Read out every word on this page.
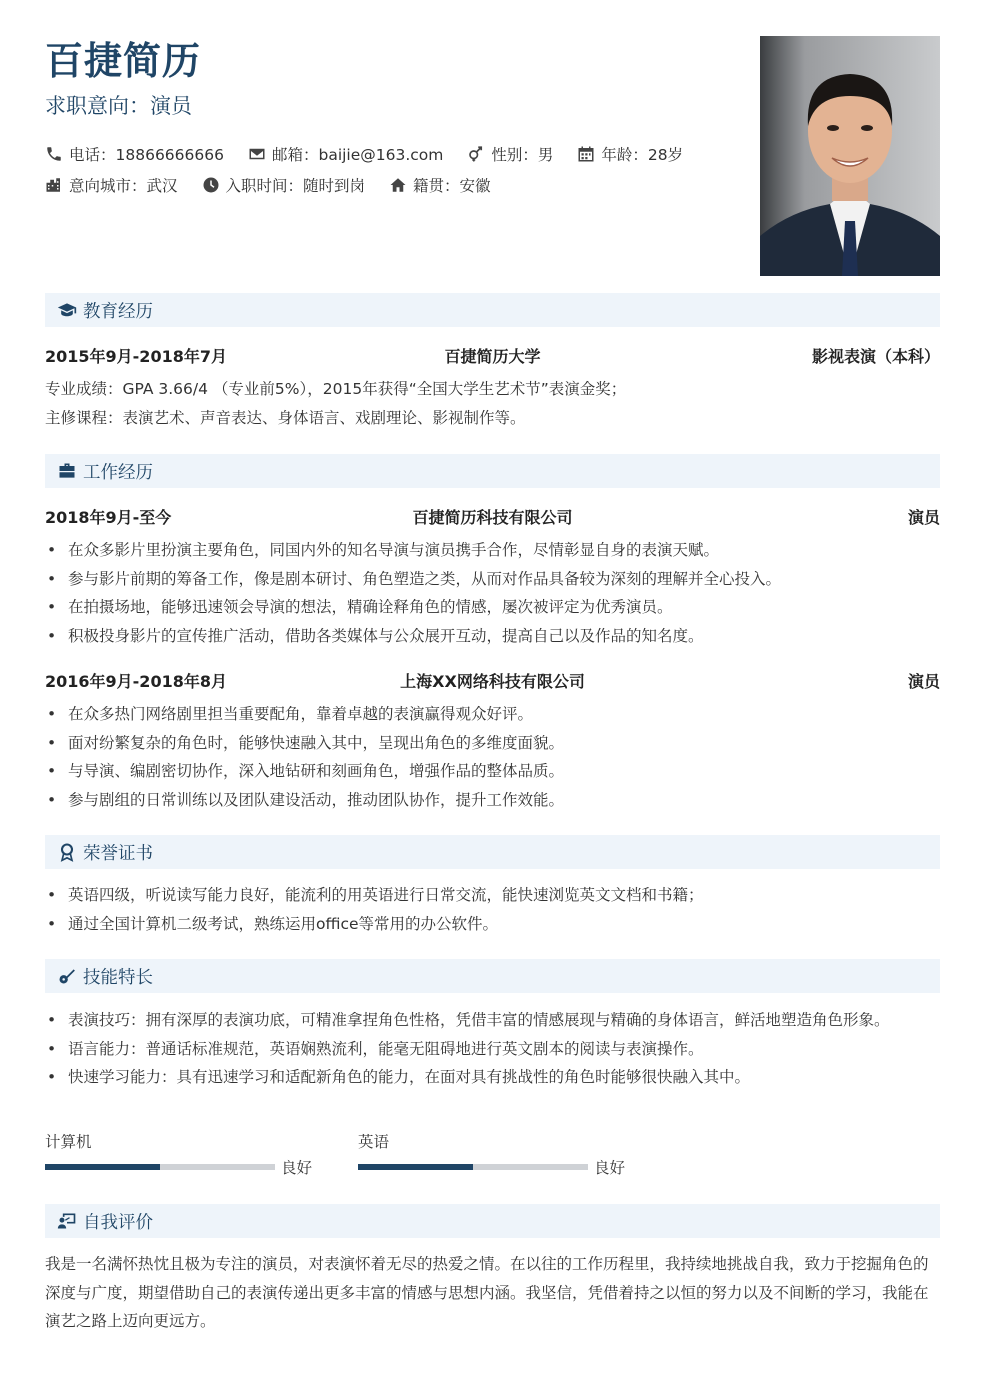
百捷简历
求职意向：演员
电话：18866666666	邮箱：baijie@163.com	性别：男	年龄：28岁
意向城市：武汉	入职时间：随时到岗	籍贯：安徽
教育经历
2015年9月-2018年7月	百捷简历大学	影视表演（本科）
专业成绩：GPA 3.66/4 （专业前5%），2015年获得“全国大学生艺术节”表演金奖；
主修课程：表演艺术、声音表达、身体语言、戏剧理论、影视制作等。
工作经历
2018年9月-至今	百捷简历科技有限公司	演员
• 在众多影片里扮演主要角色，同国内外的知名导演与演员携手合作，尽情彰显自身的表演天赋。
• 参与影片前期的筹备工作，像是剧本研讨、角色塑造之类，从而对作品具备较为深刻的理解并全心投入。
• 在拍摄场地，能够迅速领会导演的想法，精确诠释角色的情感，屡次被评定为优秀演员。
• 积极投身影片的宣传推广活动，借助各类媒体与公众展开互动，提高自己以及作品的知名度。
2016年9月-2018年8月	上海XX网络科技有限公司	演员
• 在众多热门网络剧里担当重要配角，靠着卓越的表演赢得观众好评。
• 面对纷繁复杂的角色时，能够快速融入其中，呈现出角色的多维度面貌。
• 与导演、编剧密切协作，深入地钻研和刻画角色，增强作品的整体品质。
• 参与剧组的日常训练以及团队建设活动，推动团队协作，提升工作效能。
荣誉证书
• 英语四级，听说读写能力良好，能流利的用英语进行日常交流，能快速浏览英文文档和书籍；
• 通过全国计算机二级考试，熟练运用office等常用的办公软件。
技能特长
• 表演技巧：拥有深厚的表演功底，可精准拿捏角色性格，凭借丰富的情感展现与精确的身体语言，鲜活地塑造角色形象。
• 语言能力：普通话标准规范，英语娴熟流利，能毫无阻碍地进行英文剧本的阅读与表演操作。
• 快速学习能力：具有迅速学习和适配新角色的能力，在面对具有挑战性的角色时能够很快融入其中。
计算机
良好
英语
良好
自我评价
我是一名满怀热忱且极为专注的演员，对表演怀着无尽的热爱之情。在以往的工作历程里，我持续地挑战自我，致力于挖掘角色的深度与广度，期望借助自己的表演传递出更多丰富的情感与思想内涵。我坚信，凭借着持之以恒的努力以及不间断的学习，我能在演艺之路上迈向更远方。
